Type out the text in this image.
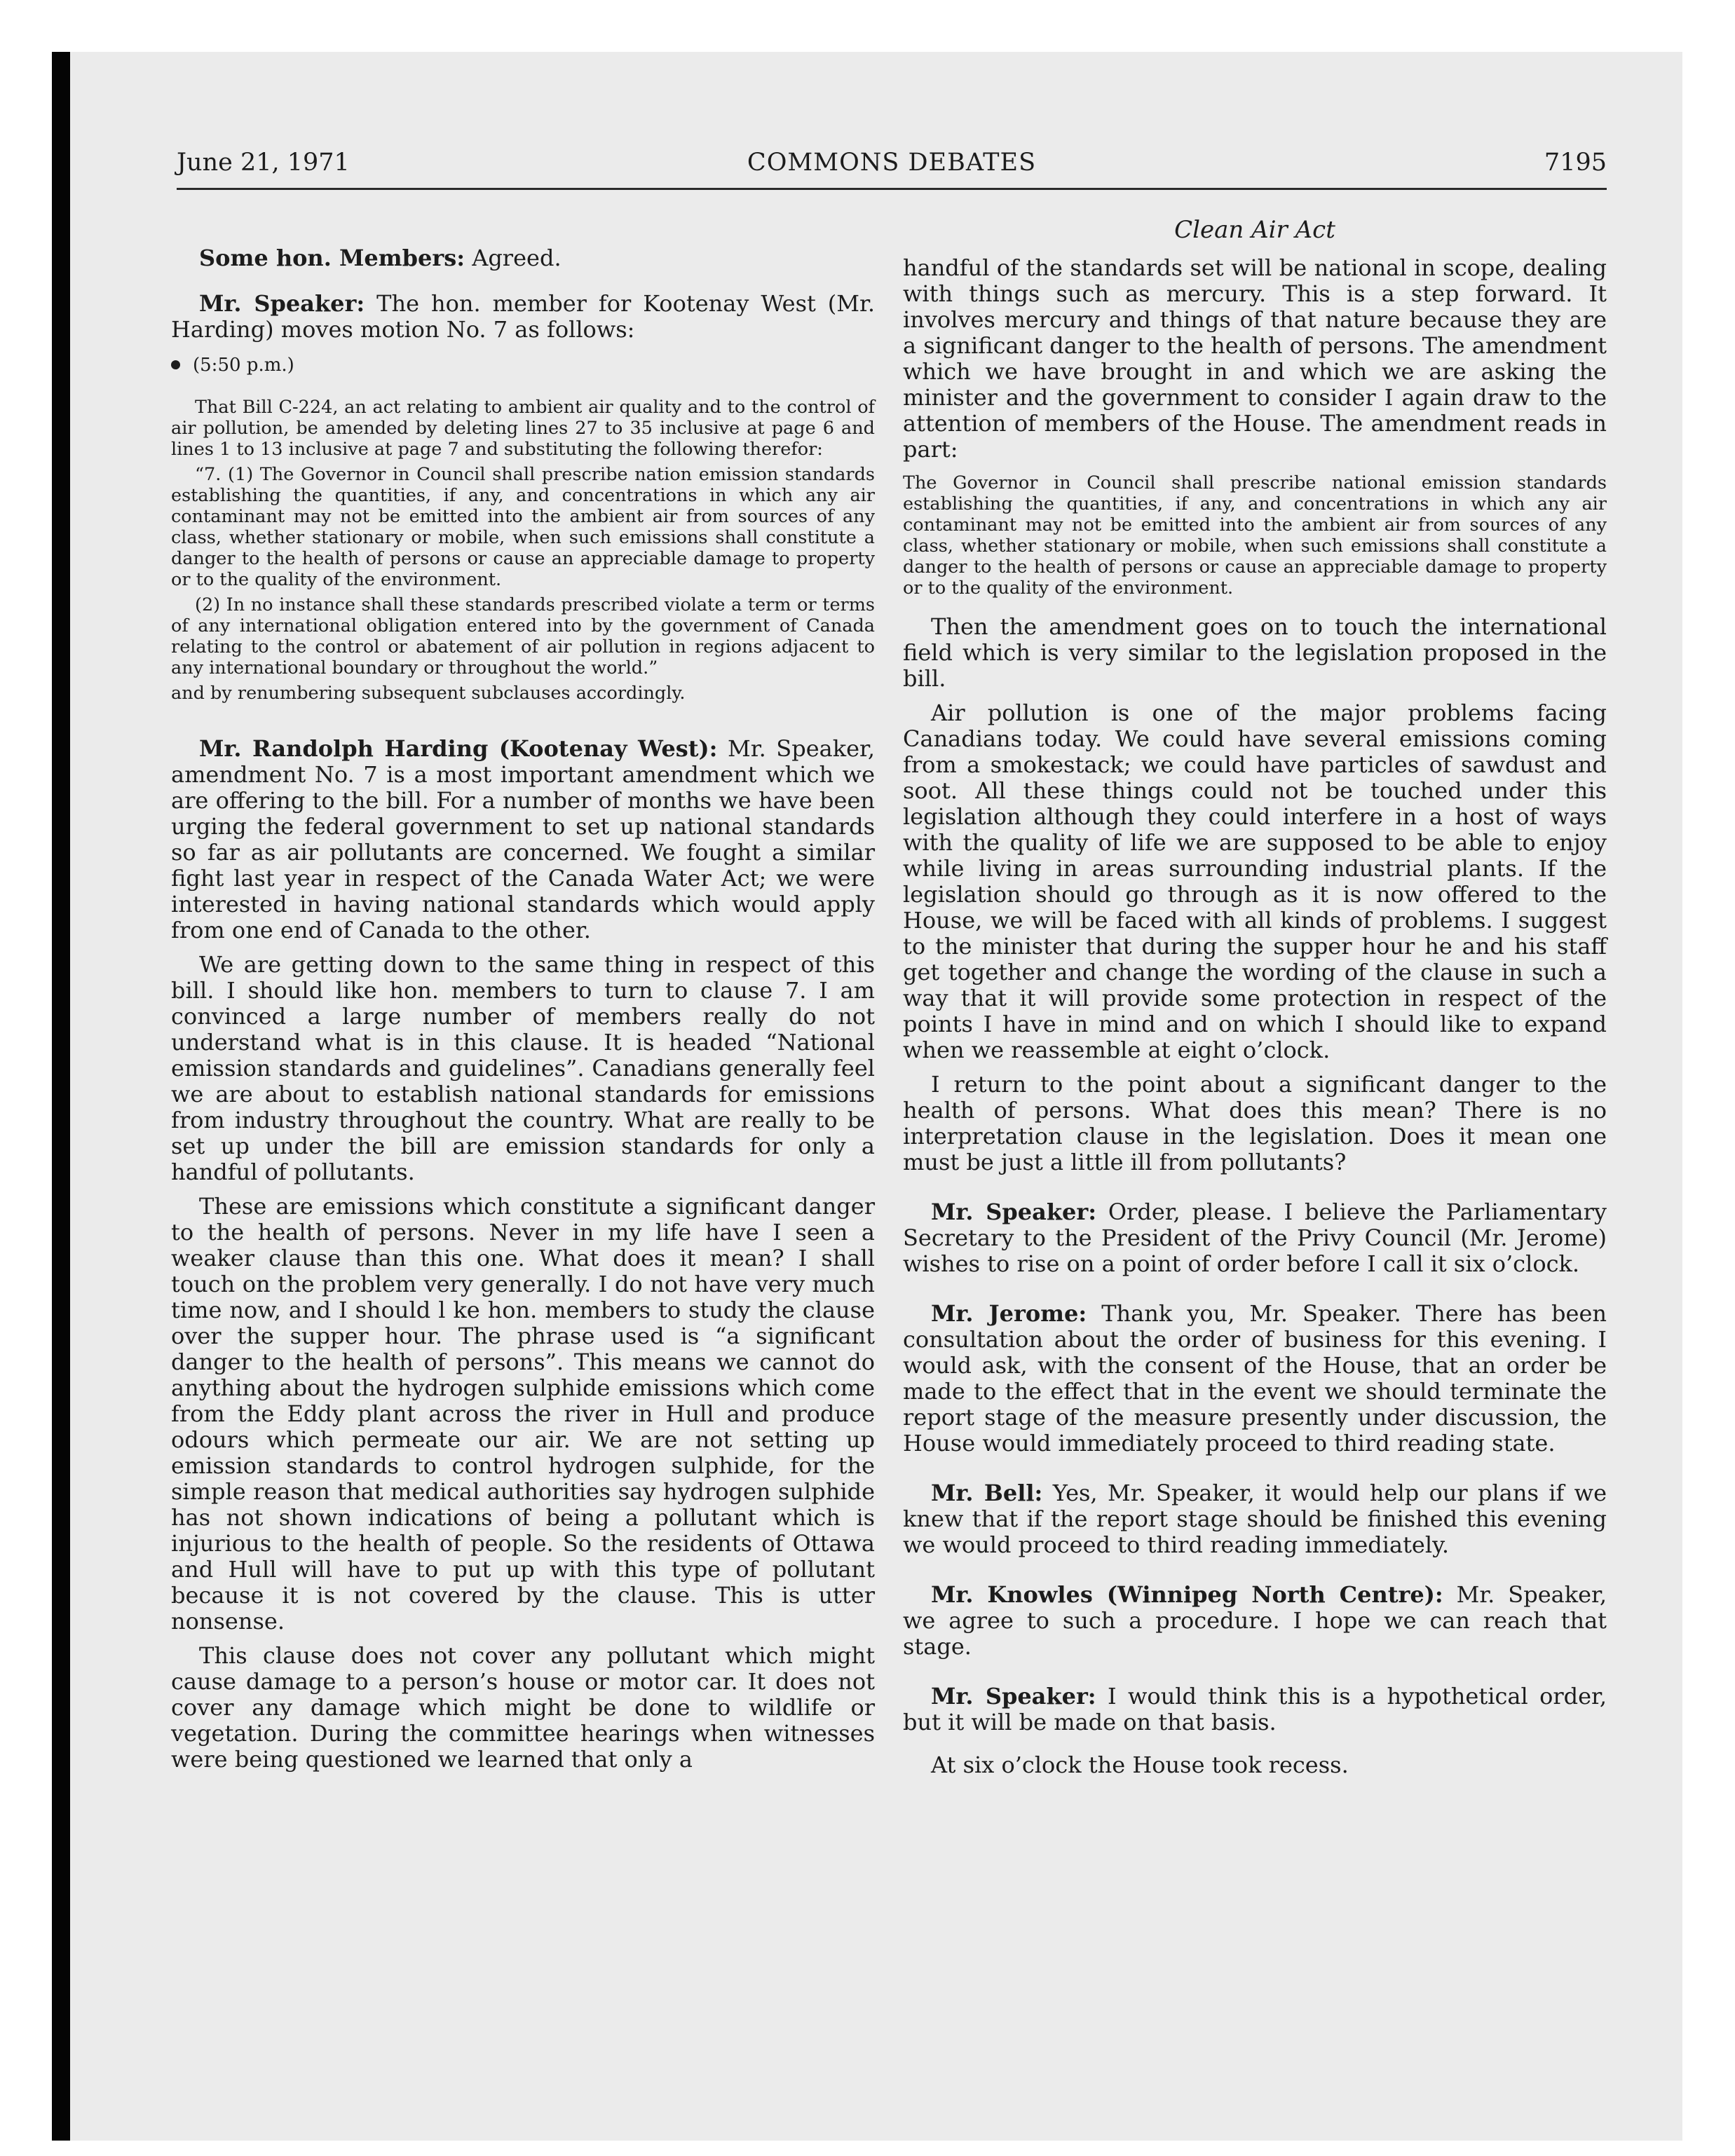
June 21, 1971	COMMONS DEBATES	7195
Clean Air Act

Some hon. Members: Agreed.

Mr. Speaker: The hon. member for Kootenay West (Mr. Harding) moves motion No. 7 as follows:

(5:50 p.m.)

That Bill C-224, an act relating to ambient air quality and to the control of air pollution, be amended by deleting lines 27 to 35 inclusive at page 6 and lines 1 to 13 inclusive at page 7 and substituting the following therefor:

“7. (1) The Governor in Council shall prescribe nation emission standards establishing the quantities, if any, and concentrations in which any air contaminant may not be emitted into the ambient air from sources of any class, whether stationary or mobile, when such emissions shall constitute a danger to the health of persons or cause an appreciable damage to property or to the quality of the environment.

(2) In no instance shall these standards prescribed violate a term or terms of any international obligation entered into by the government of Canada relating to the control or abatement of air pollution in regions adjacent to any international boundary or throughout the world.”

and by renumbering subsequent subclauses accordingly.

Mr. Randolph Harding (Kootenay West): Mr. Speaker, amendment No. 7 is a most important amendment which we are offering to the bill. For a number of months we have been urging the federal government to set up national standards so far as air pollutants are concerned. We fought a similar fight last year in respect of the Canada Water Act; we were interested in having national standards which would apply from one end of Canada to the other.

We are getting down to the same thing in respect of this bill. I should like hon. members to turn to clause 7. I am convinced a large number of members really do not understand what is in this clause. It is headed “National emission standards and guidelines”. Canadians generally feel we are about to establish national standards for emissions from industry throughout the country. What are really to be set up under the bill are emission standards for only a handful of pollutants.

These are emissions which constitute a significant danger to the health of persons. Never in my life have I seen a weaker clause than this one. What does it mean? I shall touch on the problem very generally. I do not have very much time now, and I should l ke hon. members to study the clause over the supper hour. The phrase used is “a significant danger to the health of persons”. This means we cannot do anything about the hydrogen sulphide emissions which come from the Eddy plant across the river in Hull and produce odours which permeate our air. We are not setting up emission standards to control hydrogen sulphide, for the simple reason that medical authorities say hydrogen sulphide has not shown indications of being a pollutant which is injurious to the health of people. So the residents of Ottawa and Hull will have to put up with this type of pollutant because it is not covered by the clause. This is utter nonsense.

This clause does not cover any pollutant which might cause damage to a person’s house or motor car. It does not cover any damage which might be done to wildlife or vegetation. During the committee hearings when witnesses were being questioned we learned that only a

handful of the standards set will be national in scope, dealing with things such as mercury. This is a step forward. It involves mercury and things of that nature because they are a significant danger to the health of persons. The amendment which we have brought in and which we are asking the minister and the government to consider I again draw to the attention of members of the House. The amendment reads in part:

The Governor in Council shall prescribe national emission standards establishing the quantities, if any, and concentrations in which any air contaminant may not be emitted into the ambient air from sources of any class, whether stationary or mobile, when such emissions shall constitute a danger to the health of persons or cause an appreciable damage to property or to the quality of the environment.

Then the amendment goes on to touch the international field which is very similar to the legislation proposed in the bill.

Air pollution is one of the major problems facing Canadians today. We could have several emissions coming from a smokestack; we could have particles of sawdust and soot. All these things could not be touched under this legislation although they could interfere in a host of ways with the quality of life we are supposed to be able to enjoy while living in areas surrounding industrial plants. If the legislation should go through as it is now offered to the House, we will be faced with all kinds of problems. I suggest to the minister that during the supper hour he and his staff get together and change the wording of the clause in such a way that it will provide some protection in respect of the points I have in mind and on which I should like to expand when we reassemble at eight o’clock.

I return to the point about a significant danger to the health of persons. What does this mean? There is no interpretation clause in the legislation. Does it mean one must be just a little ill from pollutants?

Mr. Speaker: Order, please. I believe the Parliamentary Secretary to the President of the Privy Council (Mr. Jerome) wishes to rise on a point of order before I call it six o’clock.

Mr. Jerome: Thank you, Mr. Speaker. There has been consultation about the order of business for this evening. I would ask, with the consent of the House, that an order be made to the effect that in the event we should terminate the report stage of the measure presently under discussion, the House would immediately proceed to third reading state.

Mr. Bell: Yes, Mr. Speaker, it would help our plans if we knew that if the report stage should be finished this evening we would proceed to third reading immediately.

Mr. Knowles (Winnipeg North Centre): Mr. Speaker, we agree to such a procedure. I hope we can reach that stage.

Mr. Speaker: I would think this is a hypothetical order, but it will be made on that basis.

At six o’clock the House took recess.
